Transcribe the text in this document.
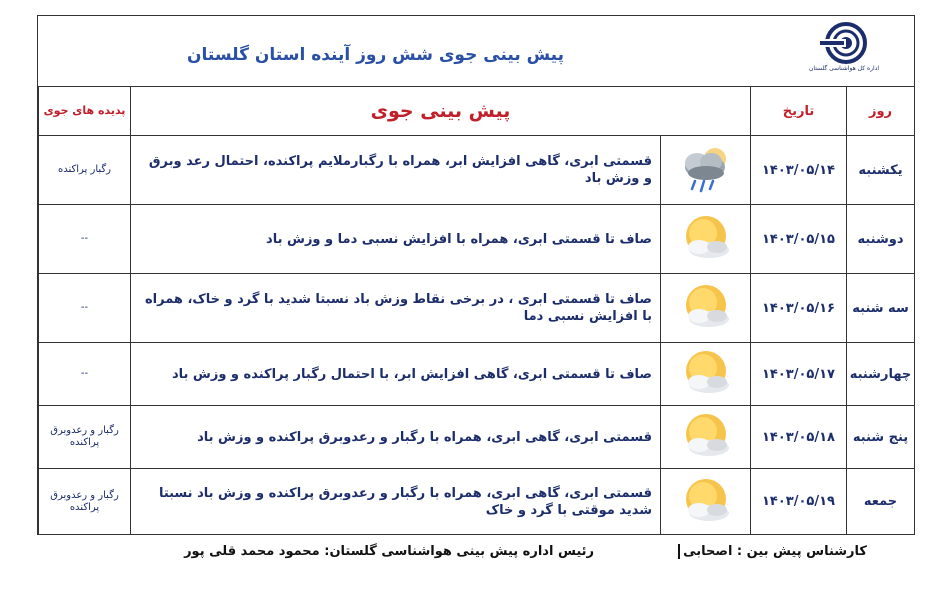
پیش بینی جوی شش روز آینده استان گلستان
اداره کل هواشناسی گلستان
روز	تاریخ	پیش بینی جوی		پدیده های جوی
یکشنبه	۱۴۰۳/۰۵/۱۴		قسمتی ابری، گاهی افزایش ابر، همراه با رگبارملایم پراکنده، احتمال رعد وبرق و وزش باد	رگبار پراکنده
دوشنبه	۱۴۰۳/۰۵/۱۵		صاف تا قسمتی ابری، همراه با افزایش نسبی دما و وزش باد	--
سه شنبه	۱۴۰۳/۰۵/۱۶		صاف تا قسمتی ابری ، در برخی نقاط وزش باد نسبتا شدید با گرد و خاک، همراه با افزایش نسبی دما	--
چهارشنبه	۱۴۰۳/۰۵/۱۷		صاف تا قسمتی ابری، گاهی افزایش ابر، با احتمال رگبار پراکنده و وزش باد	--
پنج شنبه	۱۴۰۳/۰۵/۱۸		قسمتی ابری، گاهی ابری، همراه با رگبار و رعدوبرق پراکنده و وزش باد	رگبار و رعدوبرق پراکنده
جمعه	۱۴۰۳/۰۵/۱۹		قسمتی ابری، گاهی ابری، همراه با رگبار و رعدوبرق پراکنده و وزش باد نسبتا شدید موقتی با گرد و خاک	رگبار و رعدوبرق پراکنده
کارشناس پیش بین : اصحابی
رئیس اداره پیش بینی هواشناسی گلستان: محمود محمد قلی پور
